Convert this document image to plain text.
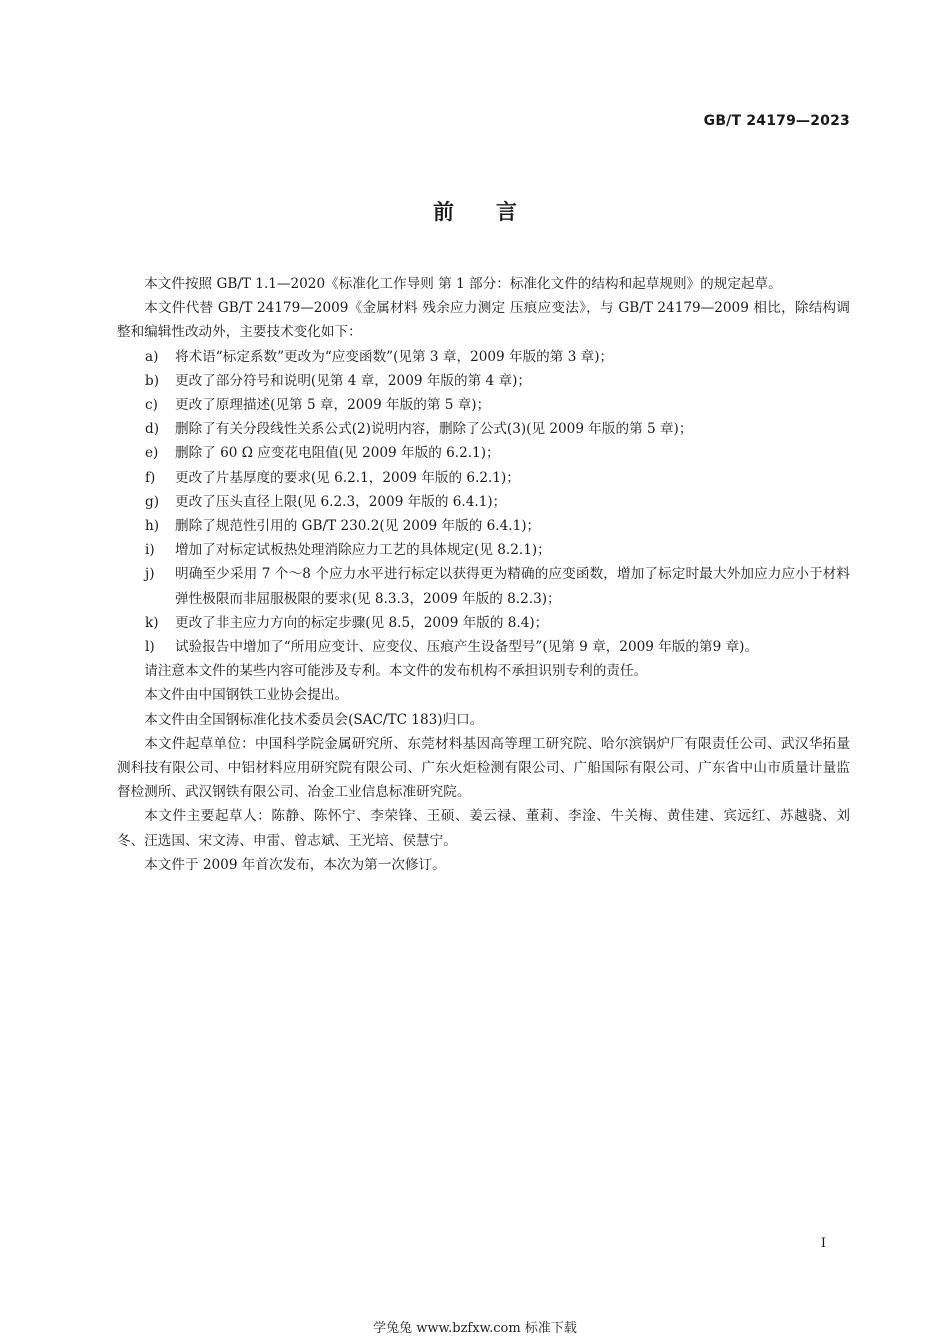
GB/T 24179—2023
前言

本文件按照 GB/T 1.1—2020《标准化工作导则 第 1 部分：标准化文件的结构和起草规则》的规定起草。

本文件代替 GB/T 24179—2009《金属材料 残余应力测定 压痕应变法》，与 GB/T 24179—2009 相比，除结构调整和编辑性改动外，主要技术变化如下：

a) 将术语“标定系数”更改为“应变函数”(见第 3 章，2009 年版的第 3 章)；
b) 更改了部分符号和说明(见第 4 章，2009 年版的第 4 章)；
c) 更改了原理描述(见第 5 章，2009 年版的第 5 章)；
d) 删除了有关分段线性关系公式(2)说明内容，删除了公式(3)(见 2009 年版的第 5 章)；
e) 删除了 60 Ω 应变花电阻值(见 2009 年版的 6.2.1)；
f) 更改了片基厚度的要求(见 6.2.1，2009 年版的 6.2.1)；
g) 更改了压头直径上限(见 6.2.3，2009 年版的 6.4.1)；
h) 删除了规范性引用的 GB/T 230.2(见 2009 年版的 6.4.1)；
i) 增加了对标定试板热处理消除应力工艺的具体规定(见 8.2.1)；
j) 明确至少采用 7 个～8 个应力水平进行标定以获得更为精确的应变函数，增加了标定时最大外加应力应小于材料弹性极限而非屈服极限的要求(见 8.3.3，2009 年版的 8.2.3)；
k) 更改了非主应力方向的标定步骤(见 8.5，2009 年版的 8.4)；
l) 试验报告中增加了“所用应变计、应变仪、压痕产生设备型号”(见第 9 章，2009 年版的第9 章)。

请注意本文件的某些内容可能涉及专利。本文件的发布机构不承担识别专利的责任。

本文件由中国钢铁工业协会提出。

本文件由全国钢标准化技术委员会(SAC/TC 183)归口。

本文件起草单位：中国科学院金属研究所、东莞材料基因高等理工研究院、哈尔滨锅炉厂有限责任公司、武汉华拓量测科技有限公司、中铝材料应用研究院有限公司、广东火炬检测有限公司、广船国际有限公司、广东省中山市质量计量监督检测所、武汉钢铁有限公司、冶金工业信息标准研究院。

本文件主要起草人：陈静、陈怀宁、李荣锋、王硕、姜云禄、董莉、李淦、牛关梅、黄佳建、宾远红、苏越骁、刘冬、汪选国、宋文涛、申雷、曾志斌、王光培、侯慧宁。

本文件于 2009 年首次发布，本次为第一次修订。

I
学兔兔 www.bzfxw.com 标准下载
